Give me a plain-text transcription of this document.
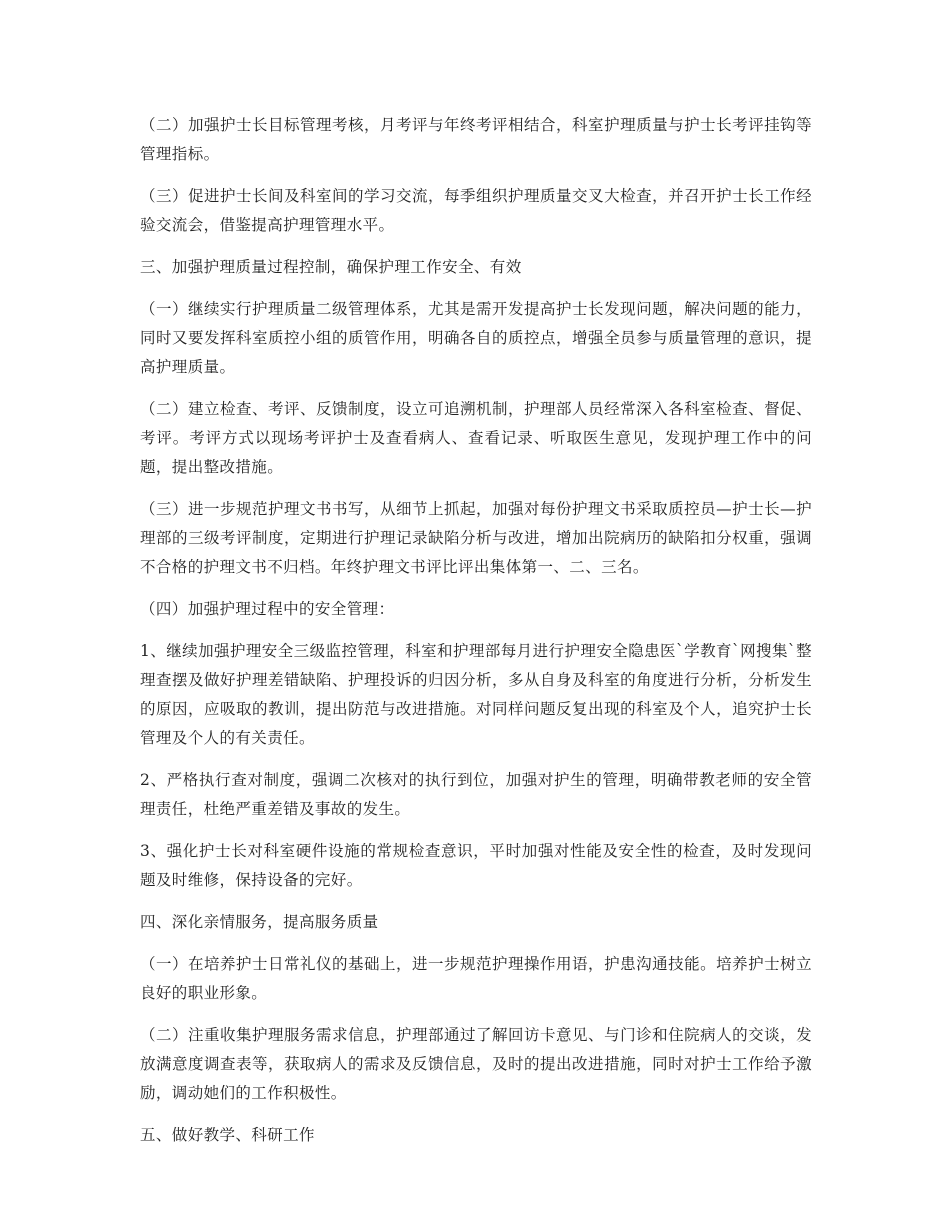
（二）加强护士长目标管理考核，月考评与年终考评相结合，科室护理质量与护士长考评挂钩等管理指标。

（三）促进护士长间及科室间的学习交流，每季组织护理质量交叉大检查，并召开护士长工作经验交流会，借鉴提高护理管理水平。

三、加强护理质量过程控制，确保护理工作安全、有效

（一）继续实行护理质量二级管理体系，尤其是需开发提高护士长发现问题，解决问题的能力，同时又要发挥科室质控小组的质管作用，明确各自的质控点，增强全员参与质量管理的意识，提高护理质量。

（二）建立检查、考评、反馈制度，设立可追溯机制，护理部人员经常深入各科室检查、督促、考评。考评方式以现场考评护士及查看病人、查看记录、听取医生意见，发现护理工作中的问题，提出整改措施。

（三）进一步规范护理文书书写，从细节上抓起，加强对每份护理文书采取质控员—护士长—护理部的三级考评制度，定期进行护理记录缺陷分析与改进，增加出院病历的缺陷扣分权重，强调不合格的护理文书不归档。年终护理文书评比评出集体第一、二、三名。

（四）加强护理过程中的安全管理：

1、继续加强护理安全三级监控管理，科室和护理部每月进行护理安全隐患医`学教育`网搜集`整理查摆及做好护理差错缺陷、护理投诉的归因分析，多从自身及科室的角度进行分析，分析发生的原因，应吸取的教训，提出防范与改进措施。对同样问题反复出现的科室及个人，追究护士长管理及个人的有关责任。

2、严格执行查对制度，强调二次核对的执行到位，加强对护生的管理，明确带教老师的安全管理责任，杜绝严重差错及事故的发生。

3、强化护士长对科室硬件设施的常规检查意识，平时加强对性能及安全性的检查，及时发现问题及时维修，保持设备的完好。

四、深化亲情服务，提高服务质量

（一）在培养护士日常礼仪的基础上，进一步规范护理操作用语，护患沟通技能。培养护士树立良好的职业形象。

（二）注重收集护理服务需求信息，护理部通过了解回访卡意见、与门诊和住院病人的交谈，发放满意度调查表等，获取病人的需求及反馈信息，及时的提出改进措施，同时对护士工作给予激励，调动她们的工作积极性。

五、做好教学、科研工作
